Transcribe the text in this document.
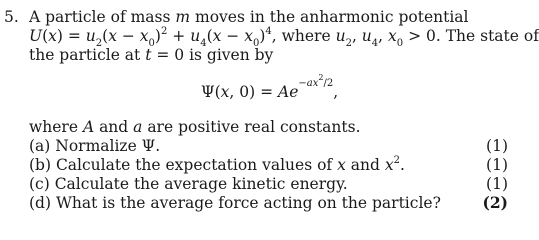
5. A particle of mass m moves in the anharmonic potential
$U(x) = u_2(x - x_0)^2 + u_4(x - x_0)^4$, where $u_2$, $u_4$, $x_0 > 0$. The state of
the particle at t = 0 is given by
Ψ(x, $0) = Ae^{-ax^2/2}$,
where A and a are positive real constants.
(a) Normalize Ψ.
(b) Calculate the expectation values of x and $x^2$.
(c) Calculate the average kinetic energy.
(d) What is the average force acting on the particle?
(1)
(1)
(1)
(2)
